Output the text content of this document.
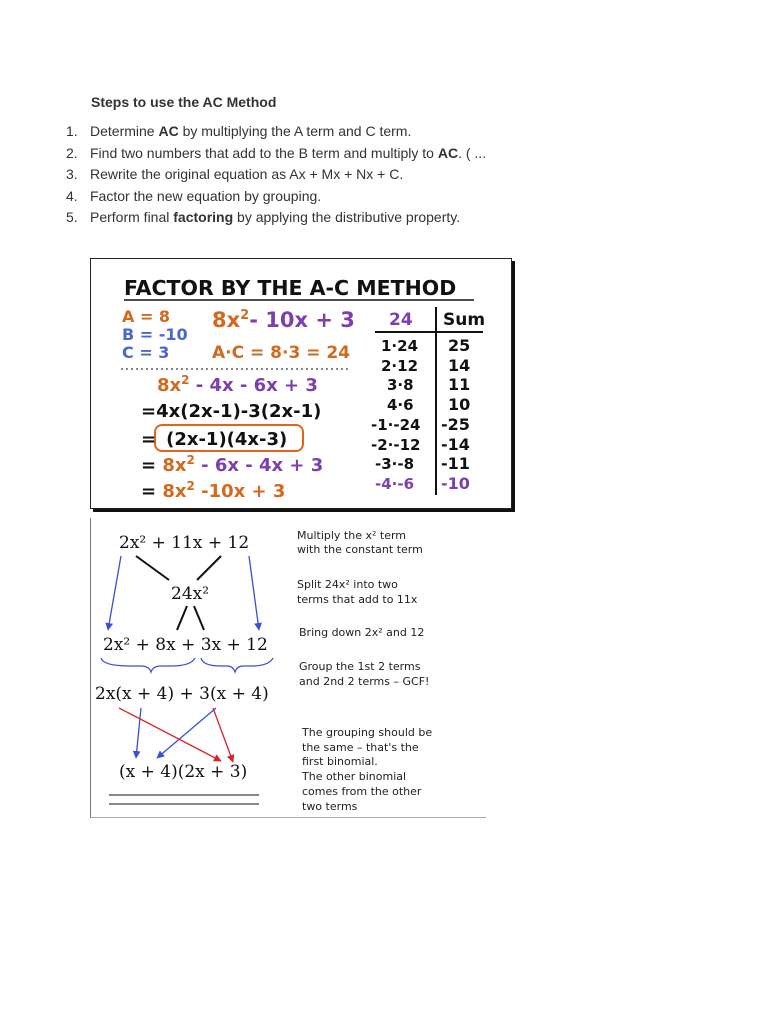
Steps to use the AC Method
1. Determine AC by multiplying the A term and C term.
2. Find two numbers that add to the B term and multiply to AC. ( ...
3. Rewrite the original equation as Ax + Mx + Nx + C.
4. Factor the new equation by grouping.
5. Perform final factoring by applying the distributive property.
FACTOR BY THE A-C METHOD
A = 8
B = -10
C = 3
$8x^2-$ 10x + 3
A·C = 8·3 = 24
24 Sum
1·24
2·12
3·8
4·6
-1·-24
-2·-12
-3·-8
-4·-6
25
14
11
10
-25
-14
-11
-10
$8x^2 - 4x - 6x + 3$
=4x(2x-1)-3(2x-1)
= (2x-1)(4x-3)
= $8x^2 - 6x - 4x + 3$
= $8x^2$ -10x + 3
2x² + 11x + 12
24x²
2x² + 8x + 3x + 12
2x(x + 4) + 3(x + 4)
(x + 4)(2x + 3)
Multiply the x² term
with the constant term
Split 24x² into two
terms that add to 11x
Bring down 2x² and 12
Group the 1st 2 terms
and 2nd 2 terms – GCF!
The grouping should be
the same – that's the
first binomial.
The other binomial
comes from the other
two terms
